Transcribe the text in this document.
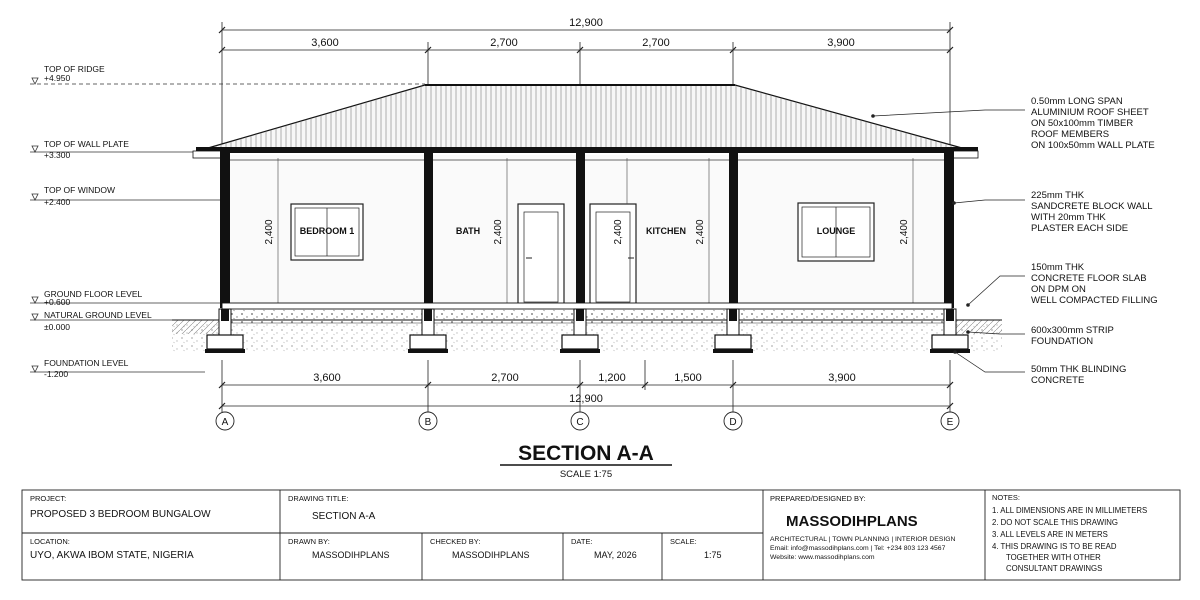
12,900
3,600	2,700	2,700	3,900
TOP OF RIDGE
+4.950
TOP OF WALL PLATE
+3.300
TOP OF WINDOW
+2.400
GROUND FLOOR LEVEL
+0.600
NATURAL GROUND LEVEL
±0.000
FOUNDATION LEVEL
-1.200
2,400	2,400	2,400	2,400	2,400
BEDROOM 1	BATH	KITCHEN	LOUNGE
3,600	2,700	1,200	1,500	3,900
12,900
A	B	C	D	E
0.50mm LONG SPAN ALUMINIUM ROOF SHEET ON 50x100mm TIMBER ROOF MEMBERS ON 100x50mm WALL PLATE
225mm THK SANDCRETE BLOCK WALL WITH 20mm THK PLASTER EACH SIDE
150mm THK CONCRETE FLOOR SLAB ON DPM ON WELL COMPACTED FILLING
600x300mm STRIP FOUNDATION
50mm THK BLINDING CONCRETE
SECTION A-A
SCALE 1:75
PROJECT:
PROPOSED 3 BEDROOM BUNGALOW
LOCATION:
UYO, AKWA IBOM STATE, NIGERIA
DRAWING TITLE:
SECTION A-A
DRAWN BY:
MASSODIHPLANS
CHECKED BY:
MASSODIHPLANS
DATE:
MAY, 2026
SCALE:
1:75
PREPARED/DESIGNED BY:
MASSODIHPLANS
ARCHITECTURAL | TOWN PLANNING | INTERIOR DESIGN
Email: info@massodihplans.com | Tel: +234 803 123 4567
Website: www.massodihplans.com
NOTES:
1. ALL DIMENSIONS ARE IN MILLIMETERS 2. DO NOT SCALE THIS DRAWING 3. ALL LEVELS ARE IN METERS 4. THIS DRAWING IS TO BE READ TOGETHER WITH OTHER CONSULTANT DRAWINGS
